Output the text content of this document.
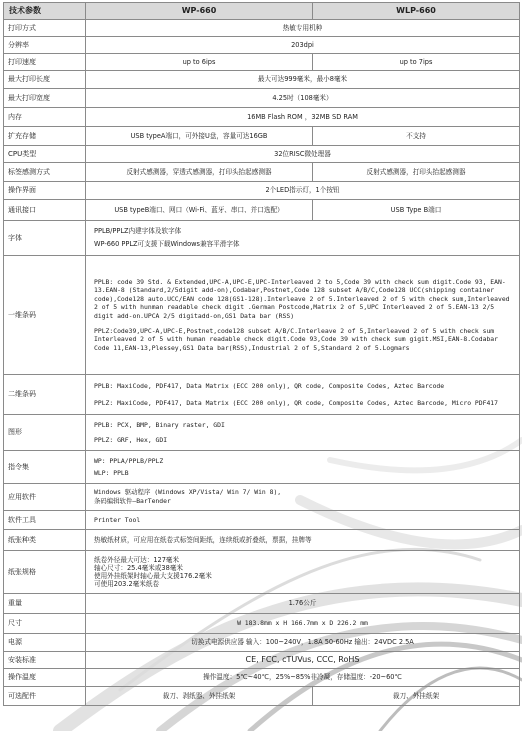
技术参数	WP-660	WLP-660
打印方式	热敏专用机种	
分辨率	203dpi	
打印速度	up to 6ips	up to 7ips
最大打印长度	最大可达999毫米，最小8毫米	
最大打印宽度	4.25吋（108毫米）	
内存	16MB Flash ROM ，32MB SD RAM	
扩充存储	USB typeA端口，可外接U盘，容量可达16GB	不支持
CPU类型	32位RISC微处理器	
标签感测方式	反射式感测器，穿透式感测器，打印头抬起感测器	反射式感测器，打印头抬起感测器
操作界面	2个LED指示灯，1个按钮	
通讯接口	USB typeB端口、网口（Wi-Fi、蓝牙、串口、并口选配）	USB Type B端口
字体	PPLB/PPLZ内建字体及软字体
WP-660 PPLZ可支援下载Windows兼容平滑字体	

一维条码	PPLB: code 39 Std. & Extended,UPC-A,UPC-E,UPC-Interleaved 2 to 5,Code 39 with check sum digit.Code 93, EAN-13.EAN-8 (Standard,2/5digit add-on),Codabar,Postnet,Code 128 subset A/B/C,Code128 UCC(shipping container code),Code128 auto.UCC/EAN code 128(GS1-128).Interleave 2 of 5.Interleaved 2 of 5 with check sum,Interleaved 2 of 5 with hunman readable check digit .German Postcode,Matrix 2 of 5,UPC Interleaved 2 of 5.EAN-13 2/5 digit add-on.UPCA 2/5 digitadd-on,GS1 Data bar (RSS)
PPLZ:Code39,UPC-A,UPC-E,Postnet,code128 subset A/B/C.Interleave 2 of 5,Interleaved 2 of 5 with check sum Interleaved 2 of 5 with human readable check digit.Code 93,Code 39 with check sum gigit.MSI,EAN-8.Codabar Code 11,EAN-13,Plessey,GS1 Data bar(RSS),Industrial 2 of 5,Standard 2 of 5.Logmars	

二维条码	PPLB: MaxiCode, PDF417, Data Matrix (ECC 200 only), QR code, Composite Codes, Aztec Barcode
PPLZ: MaxiCode, PDF417, Data Matrix (ECC 200 only), QR code, Composite Codes, Aztec Barcode, Micro PDF417	

图形	PPLB: PCX, BMP, Binary raster, GDI
PPLZ: GRF, Hex, GDI	

指令集	WP: PPLA/PPLB/PPLZ
WLP: PPLB	

应用软件	Windows 驱动程序 (Windows XP/Vista/ Win 7/ Win 8),
条码编辑软件—BarTender	

软件工具	Printer Tool	
纸张种类	热敏纸材质，可应用在纸卷式标签间距纸，连续纸或折叠纸，票据，挂牌等	
纸张规格	纸卷外径最大可达：127毫米
轴心尺寸：25.4毫米或38毫米
使用外挂纸架时轴心最大支援176.2毫米
可使用203.2毫米纸卷	

重量	1.76公斤	
尺寸	W 183.8mm x H 166.7mm x D 226.2 mm	
电源	切换式电源供应器 输入：100~240V，1.8A 50-60Hz 输出：24VDC 2.5A	
安装标准	CE, FCC, cTUVus, CCC, RoHS	
操作温度	操作温度：5℃~40℃，25%~85%非冷凝，存储温度：-20~60℃	
可选配件	裁刀、剥纸器、外挂纸架	裁刀、外挂纸架
